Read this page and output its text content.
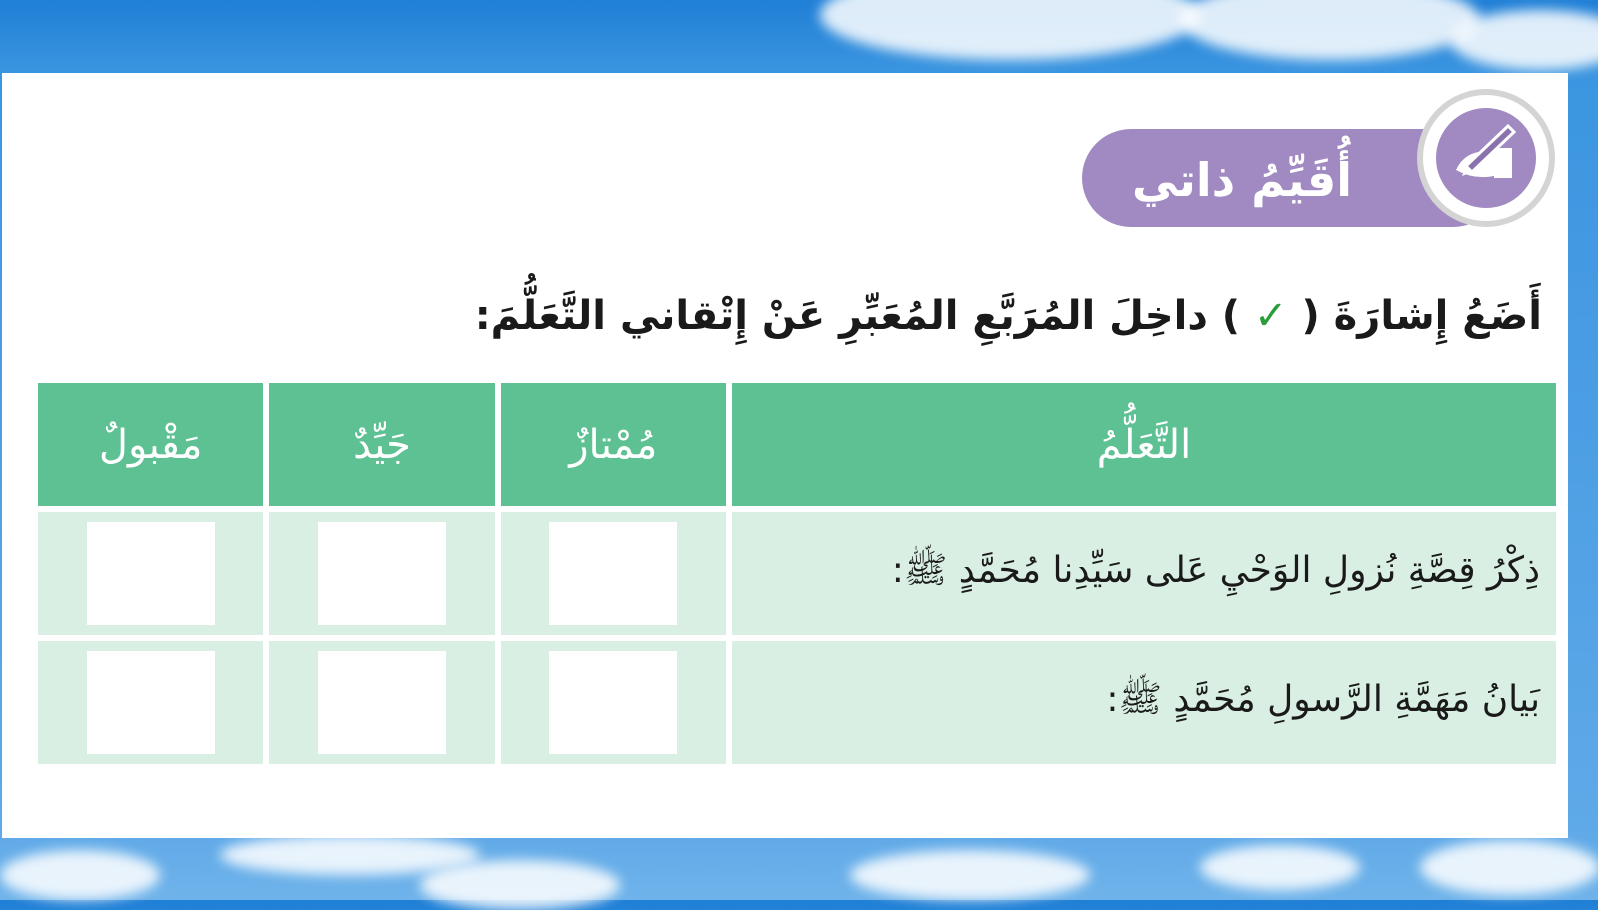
أُقَيِّمُ ذاتي
أَضَعُ إِشارَةَ ( ✓ ) داخِلَ المُرَبَّعِ المُعَبِّرِ عَنْ إِتْقاني التَّعَلُّمَ:
التَّعَلُّمُ	مُمْتازٌ	جَيِّدٌ	مَقْبولٌ
ذِكْرُ قِصَّةِ نُزولِ الوَحْيِ عَلى سَيِّدِنا مُحَمَّدٍ ﷺ:			
بَيانُ مَهَمَّةِ الرَّسولِ مُحَمَّدٍ ﷺ:			
